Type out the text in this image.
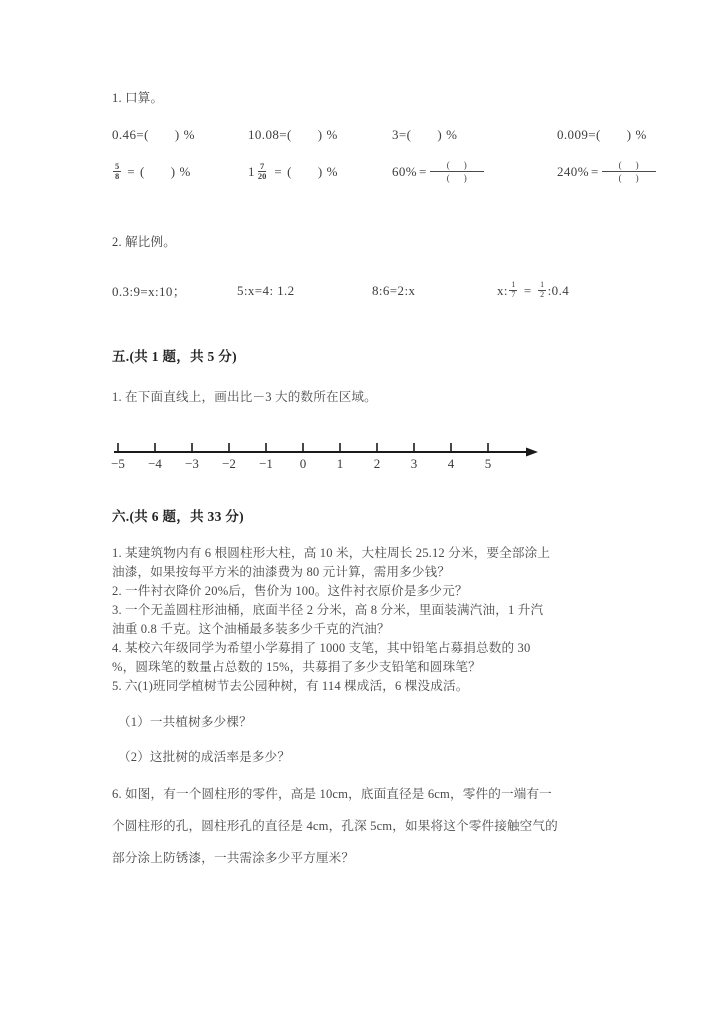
1. 口算。
0.46= ( ) %	10.08= ( ) %	3= ( ) %	0.009= ( ) %
$\frac{5}{8}$ = ( ) %	$1 \frac{7}{20}$ = ( ) %	$60\% = \frac{()}{()}$	$240\% = \frac{()}{()}$
2. 解比例。
0.3:9=x:10；	5:x=4: 1.2	8:6=2:x	x: $\frac{1}{7} = \frac{1}{2}$ :0.4
五.(共 1 题，共 5 分)
1. 在下面直线上，画出比－3 大的数所在区域。
−5 −4 −3 −2 −1 0 1 2 3 4 5
六.(共 6 题，共 33 分)
1. 某建筑物内有 6 根圆柱形大柱，高 10 米，大柱周长 25.12 分米，要全部涂上
油漆，如果按每平方米的油漆费为 80 元计算，需用多少钱？
2. 一件衬衣降价 20%后，售价为 100。这件衬衣原价是多少元？
3. 一个无盖圆柱形油桶，底面半径 2 分米，高 8 分米，里面装满汽油，1 升汽
油重 0.8 千克。这个油桶最多装多少千克的汽油？
4. 某校六年级同学为希望小学募捐了 1000 支笔，其中铅笔占募捐总数的 30
%，圆珠笔的数量占总数的 15%，共募捐了多少支铅笔和圆珠笔？
5. 六(1)班同学植树节去公园种树，有 114 棵成活，6 棵没成活。
（1）一共植树多少棵？
（2）这批树的成活率是多少？
6. 如图，有一个圆柱形的零件，高是 10cm，底面直径是 6cm，零件的一端有一
个圆柱形的孔，圆柱形孔的直径是 4cm，孔深 5cm，如果将这个零件接触空气的
部分涂上防锈漆，一共需涂多少平方厘米？
